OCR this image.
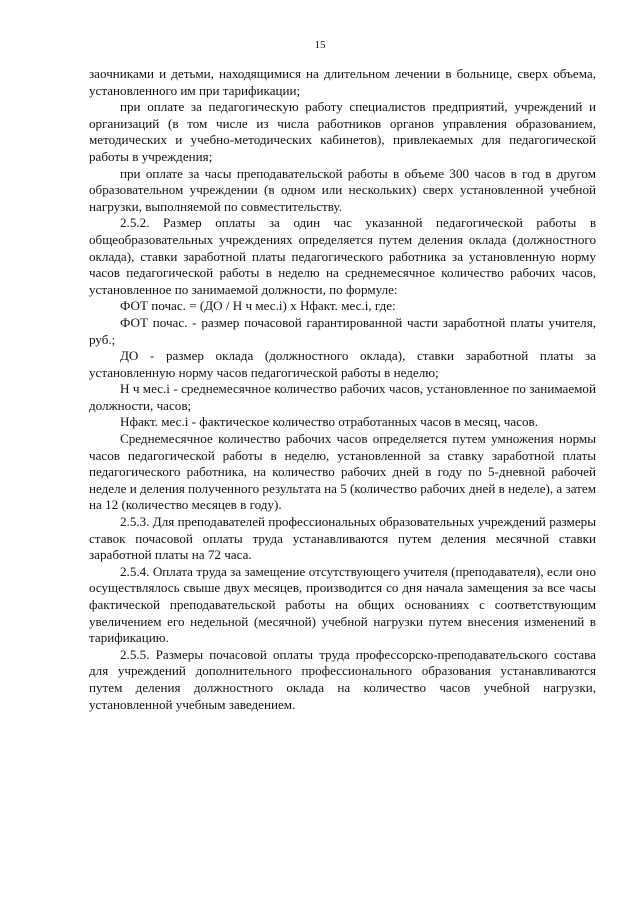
15

заочниками и детьми, находящимися на длительном лечении в больнице, сверх объема, установленного им при тарификации;

при оплате за педагогическую работу специалистов предприятий, учреждений и организаций (в том числе из числа работников органов управления образованием, методических и учебно-методических кабинетов), привлекаемых для педагогической работы в учреждения;

при оплате за часы преподавательской работы в объеме 300 часов в год в другом образовательном учреждении (в одном или нескольких) сверх установленной учебной нагрузки, выполняемой по совместительству.

2.5.2. Размер оплаты за один час указанной педагогической работы в общеобразовательных учреждениях определяется путем деления оклада (должностного оклада), ставки заработной платы педагогического работника за установленную норму часов педагогической работы в неделю на среднемесячное количество рабочих часов, установленное по занимаемой должности, по формуле:

ФОТ почас. = (ДО / Н ч мес.i) x Нфакт. мес.i, где:

ФОТ почас. - размер почасовой гарантированной части заработной платы учителя, руб.;

ДО - размер оклада (должностного оклада), ставки заработной платы за установленную норму часов педагогической работы в неделю;

Н ч мес.i - среднемесячное количество рабочих часов, установленное по занимаемой должности, часов;

Нфакт. мес.i - фактическое количество отработанных часов в месяц, часов.

Среднемесячное количество рабочих часов определяется путем умножения нормы часов педагогической работы в неделю, установленной за ставку заработной платы педагогического работника, на количество рабочих дней в году по 5-дневной рабочей неделе и деления полученного результата на 5 (количество рабочих дней в неделе), а затем на 12 (количество месяцев в году).

2.5.3. Для преподавателей профессиональных образовательных учреждений размеры ставок почасовой оплаты труда устанавливаются путем деления месячной ставки заработной платы на 72 часа.

2.5.4. Оплата труда за замещение отсутствующего учителя (преподавателя), если оно осуществлялось свыше двух месяцев, производится со дня начала замещения за все часы фактической преподавательской работы на общих основаниях с соответствующим увеличением его недельной (месячной) учебной нагрузки путем внесения изменений в тарификацию.

2.5.5. Размеры почасовой оплаты труда профессорско-преподавательского состава для учреждений дополнительного профессионального образования устанавливаются путем деления должностного оклада на количество часов учебной нагрузки, установленной учебным заведением.
